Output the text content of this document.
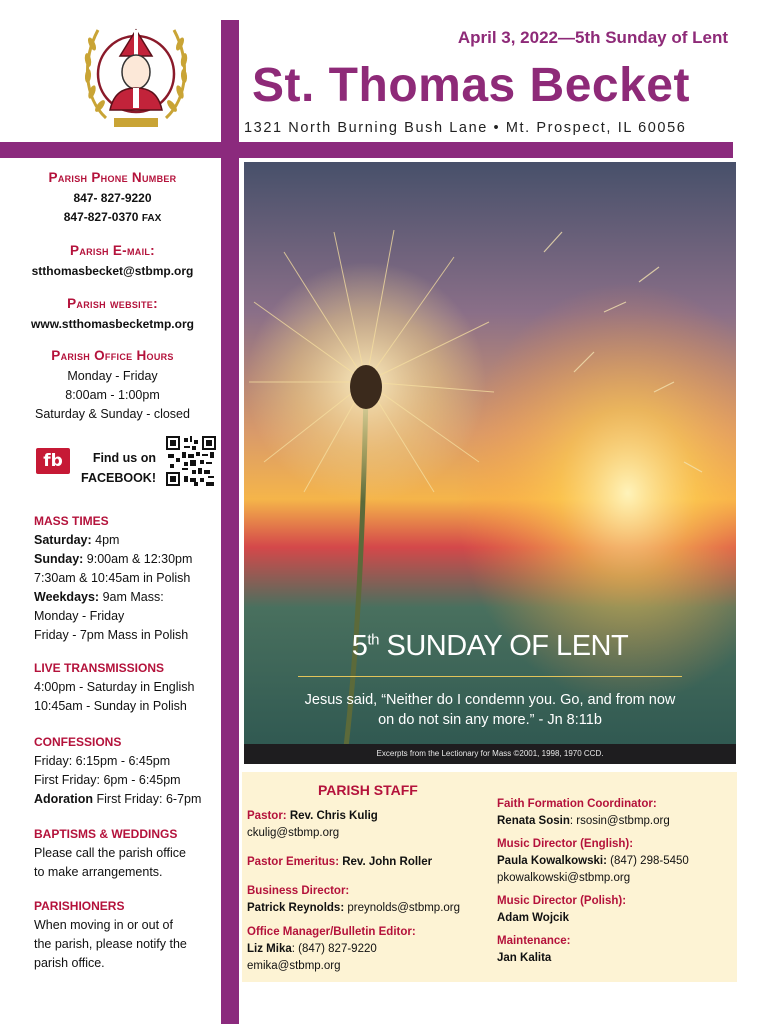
April 3, 2022—5th Sunday of Lent
St. Thomas Becket
1321 North Burning Bush Lane • Mt. Prospect, IL 60056
Parish Phone Number
847- 827-9220
847-827-0370 FAX
Parish E-mail:
stthomasbecket@stbmp.org
Parish website:
www.stthomasbecketmp.org
Parish Office Hours
Monday - Friday
8:00am - 1:00pm
Saturday & Sunday - closed
fb	Find us on
FACEBOOK!
MASS TIMES
Saturday: 4pm
Sunday: 9:00am & 12:30pm
7:30am & 10:45am in Polish
Weekdays: 9am Mass:
Monday - Friday
Friday - 7pm Mass in Polish
LIVE TRANSMISSIONS
4:00pm - Saturday in English
10:45am - Sunday in Polish
CONFESSIONS
Friday: 6:15pm - 6:45pm
First Friday: 6pm - 6:45pm
Adoration First Friday: 6-7pm
BAPTISMS & WEDDINGS
Please call the parish office
to make arrangements.
PARISHIONERS
When moving in or out of
the parish, please notify the
parish office.
5th SUNDAY OF LENT
Jesus said, “Neither do I condemn you. Go, and from now
on do not sin any more.” - Jn 8:11b
Excerpts from the Lectionary for Mass ©2001, 1998, 1970 CCD.
PARISH STAFF
Pastor: Rev. Chris Kulig
ckulig@stbmp.org
Pastor Emeritus: Rev. John Roller
Business Director:
Patrick Reynolds: preynolds@stbmp.org
Office Manager/Bulletin Editor:
Liz Mika: (847) 827-9220
emika@stbmp.org
Faith Formation Coordinator:
Renata Sosin: rsosin@stbmp.org
Music Director (English):
Paula Kowalkowski: (847) 298-5450
pkowalkowski@stbmp.org
Music Director (Polish):
Adam Wojcik
Maintenance:
Jan Kalita
